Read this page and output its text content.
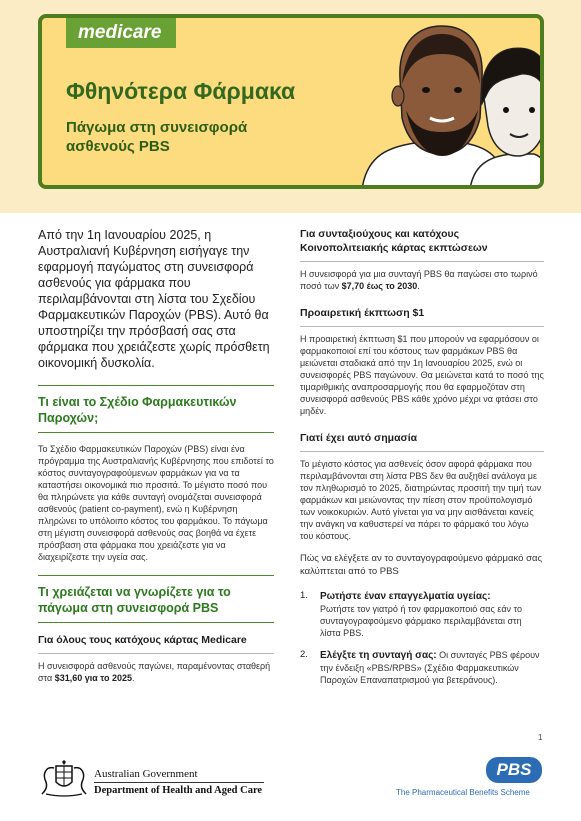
medicare
Φθηνότερα Φάρμακα
Πάγωμα στη συνεισφορά ασθενούς PBS

Από την 1η Ιανουαρίου 2025, η Αυστραλιανή Κυβέρνηση εισήγαγε την εφαρμογή παγώματος στη συνεισφορά ασθενούς για φάρμακα που περιλαμβάνονται στη λίστα του Σχεδίου Φαρμακευτικών Παροχών (PBS). Αυτό θα υποστηρίζει την πρόσβασή σας στα φάρμακα που χρειάζεστε χωρίς πρόσθετη οικονομική δυσκολία.

Τι είναι το Σχέδιο Φαρμακευτικών Παροχών;

Το Σχέδιο Φαρμακευτικών Παροχών (PBS) είναι ένα πρόγραμμα της Αυστραλιανής Κυβέρνησης που επιδοτεί το κόστος συνταγογραφούμενων φαρμάκων για να τα καταστήσει οικονομικά πιο προσιτά. Το μέγιστο ποσό που θα πληρώνετε για κάθε συνταγή ονομάζεται συνεισφορά ασθενούς (patient co-payment), ενώ η Κυβέρνηση πληρώνει το υπόλοιπο κόστος του φαρμάκου. Το πάγωμα στη μέγιστη συνεισφορά ασθενούς σας βοηθά να έχετε πρόσβαση στα φάρμακα που χρειάζεστε για να διαχειρίζεστε την υγεία σας.

Τι χρειάζεται να γνωρίζετε για το πάγωμα στη συνεισφορά PBS
Για όλους τους κατόχους κάρτας Medicare

Η συνεισφορά ασθενούς παγώνει, παραμένοντας σταθερή στα $31,60 για το 2025.

Για συνταξιούχους και κατόχους Κοινοπολιτειακής κάρτας εκπτώσεων

Η συνεισφορά για μια συνταγή PBS θα παγώσει στο τωρινό ποσό των $7,70 έως το 2030.

Προαιρετική έκπτωση $1

Η προαιρετική έκπτωση $1 που μπορούν να εφαρμόσουν οι φαρμακοποιοί επί του κόστους των φαρμάκων PBS θα μειώνεται σταδιακά από την 1η Ιανουαρίου 2025, ενώ οι συνεισφορές PBS παγώνουν. Θα μειώνεται κατά το ποσό της τιμαριθμικής αναπροσαρμογής που θα εφαρμοζόταν στη συνεισφορά ασθενούς PBS κάθε χρόνο μέχρι να φτάσει στο μηδέν.

Γιατί έχει αυτό σημασία

Το μέγιστο κόστος για ασθενείς όσον αφορά φάρμακα που περιλαμβάνονται στη λίστα PBS δεν θα αυξηθεί ανάλογα με τον πληθωρισμό το 2025, διατηρώντας προσιτή την τιμή των φαρμάκων και μειώνοντας την πίεση στον προϋπολογισμό των νοικοκυριών. Αυτό γίνεται για να μην αισθάνεται κανείς την ανάγκη να καθυστερεί να πάρει το φάρμακό του λόγω του κόστους.

Πώς να ελέγξετε αν το συνταγογραφούμενο φάρμακό σας καλύπτεται από το PBS

1. Ρωτήστε έναν επαγγελματία υγείας:
Ρωτήστε τον γιατρό ή τον φαρμακοποιό σας εάν το συνταγογραφούμενο φάρμακο περιλαμβάνεται στη λίστα PBS.
2. Ελέγξτε τη συνταγή σας: Οι συνταγές PBS φέρουν την ένδειξη «PBS/RPBS» (Σχέδιο Φαρμακευτικών Παροχών Επαναπατρισμού για βετεράνους).
1
Australian Government
Department of Health and Aged Care
PBS
The Pharmaceutical Benefits Scheme
